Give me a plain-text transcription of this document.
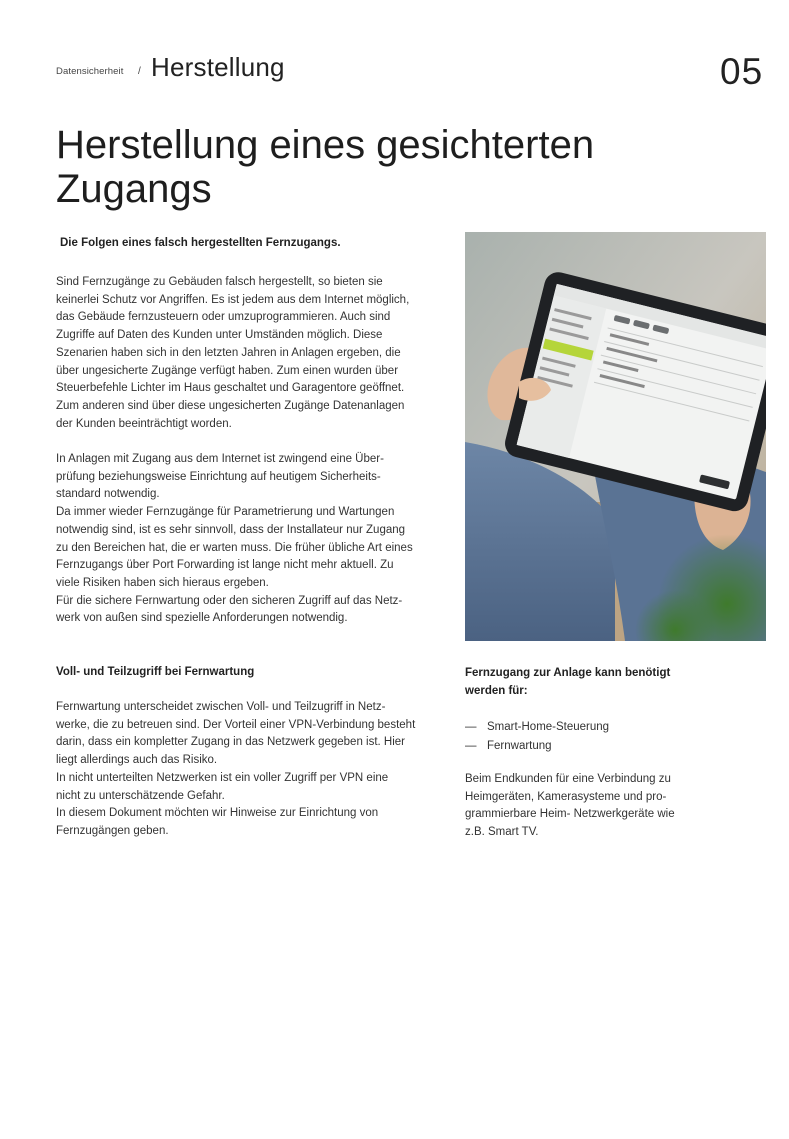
Datensicherheit / Herstellung	05
Herstellung eines gesichterten
Zugangs
Die Folgen eines falsch hergestellten Fernzugangs.
Sind Fernzugänge zu Gebäuden falsch hergestellt, so bieten sie
keinerlei Schutz vor Angriffen. Es ist jedem aus dem Internet möglich,
das Gebäude fernzusteuern oder umzuprogrammieren. Auch sind
Zugriffe auf Daten des Kunden unter Umständen möglich. Diese
Szenarien haben sich in den letzten Jahren in Anlagen ergeben, die
über ungesicherte Zugänge verfügt haben. Zum einen wurden über
Steuerbefehle Lichter im Haus geschaltet und Garagentore geöffnet.
Zum anderen sind über diese ungesicherten Zugänge Datenanlagen
der Kunden beeinträchtigt worden.
In Anlagen mit Zugang aus dem Internet ist zwingend eine Über-
prüfung beziehungsweise Einrichtung auf heutigem Sicherheits-
standard notwendig.
Da immer wieder Fernzugänge für Parametrierung und Wartungen
notwendig sind, ist es sehr sinnvoll, dass der Installateur nur Zugang
zu den Bereichen hat, die er warten muss. Die früher übliche Art eines
Fernzugangs über Port Forwarding ist lange nicht mehr aktuell. Zu
viele Risiken haben sich hieraus ergeben.
Für die sichere Fernwartung oder den sicheren Zugriff auf das Netz-
werk von außen sind spezielle Anforderungen notwendig.
Voll- und Teilzugriff bei Fernwartung
Fernwartung unterscheidet zwischen Voll- und Teilzugriff in Netz-
werke, die zu betreuen sind. Der Vorteil einer VPN-Verbindung besteht
darin, dass ein kompletter Zugang in das Netzwerk gegeben ist. Hier
liegt allerdings auch das Risiko.
In nicht unterteilten Netzwerken ist ein voller Zugriff per VPN eine
nicht zu unterschätzende Gefahr.
In diesem Dokument möchten wir Hinweise zur Einrichtung von
Fernzugängen geben.
Fernzugang zur Anlage kann benötigt
werden für:
— Smart-Home-Steuerung
— Fernwartung
Beim Endkunden für eine Verbindung zu
Heimgeräten, Kamerasysteme und pro-
grammierbare Heim- Netzwerkgeräte wie
z.B. Smart TV.
